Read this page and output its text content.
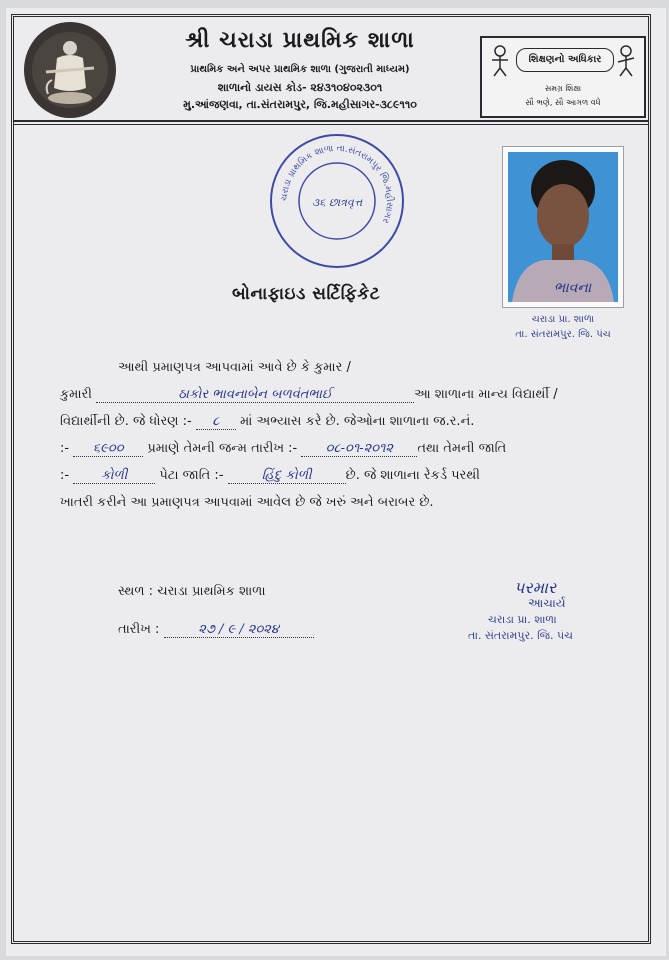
શ્રી ચરાડા પ્રાથમિક શાળા
પ્રાથમિક અને અપર પ્રાથમિક શાળા (ગુજરાતી માધ્યમ)
શાળાનો ડાયસ કોડ- ૨૪૩૧૦૪૦૨૩૦૧
મુ.આંજણવા, તા.સંતરામપુર, જિ.મહીસાગર-૩૮૯૧૧૦
શિક્ષણનો અધિકાર
સમગ્ર શિક્ષા
સૌ ભણે, સૌ આગળ વધે
ચરાડા પ્રાથમિક શાળા તા.સંતરામપુર જિ.મહીસાગર
૩૬ છાત્રવૃત્ત
ભાવના
ચરાડા પ્રા. શાળા
તા. સંતરામપુર. જિ. પંચ
બોનાફાઇડ સર્ટિફિકેટ
આથી પ્રમાણપત્ર આપવામાં આવે છે કે કુમાર /
કુમારી	ઠાકોર ભાવનાબેન બળવંતભાઈ	આ શાળાના માન્ય વિદ્યાર્થી /
વિદ્યાર્થીની છે. જે ધોરણ :- ૮ માં અભ્યાસ કરે છે. જેઓના શાળાના જ.ર.નં.
:- ૬૯૦૦ પ્રમાણે તેમની જન્મ તારીખ :- ૦૮-૦૧-૨૦૧૨ તથા તેમની જાતિ
:- કોળી પેટા જાતિ :-	હિંદુ કોળી	છે. જે શાળાના રેકર્ડ પરથી
ખાતરી કરીને આ પ્રમાણપત્ર આપવામાં આવેલ છે જે ખરું અને બરાબર છે.
સ્થળ : ચરાડા પ્રાથમિક શાળા
તારીખ :	૨૭ / ૯ / ૨૦૨૪
પરમાર
આચાર્ય
ચરાડા પ્રા. શાળા
તા. સંતરામપુર. જિ. પંચ
